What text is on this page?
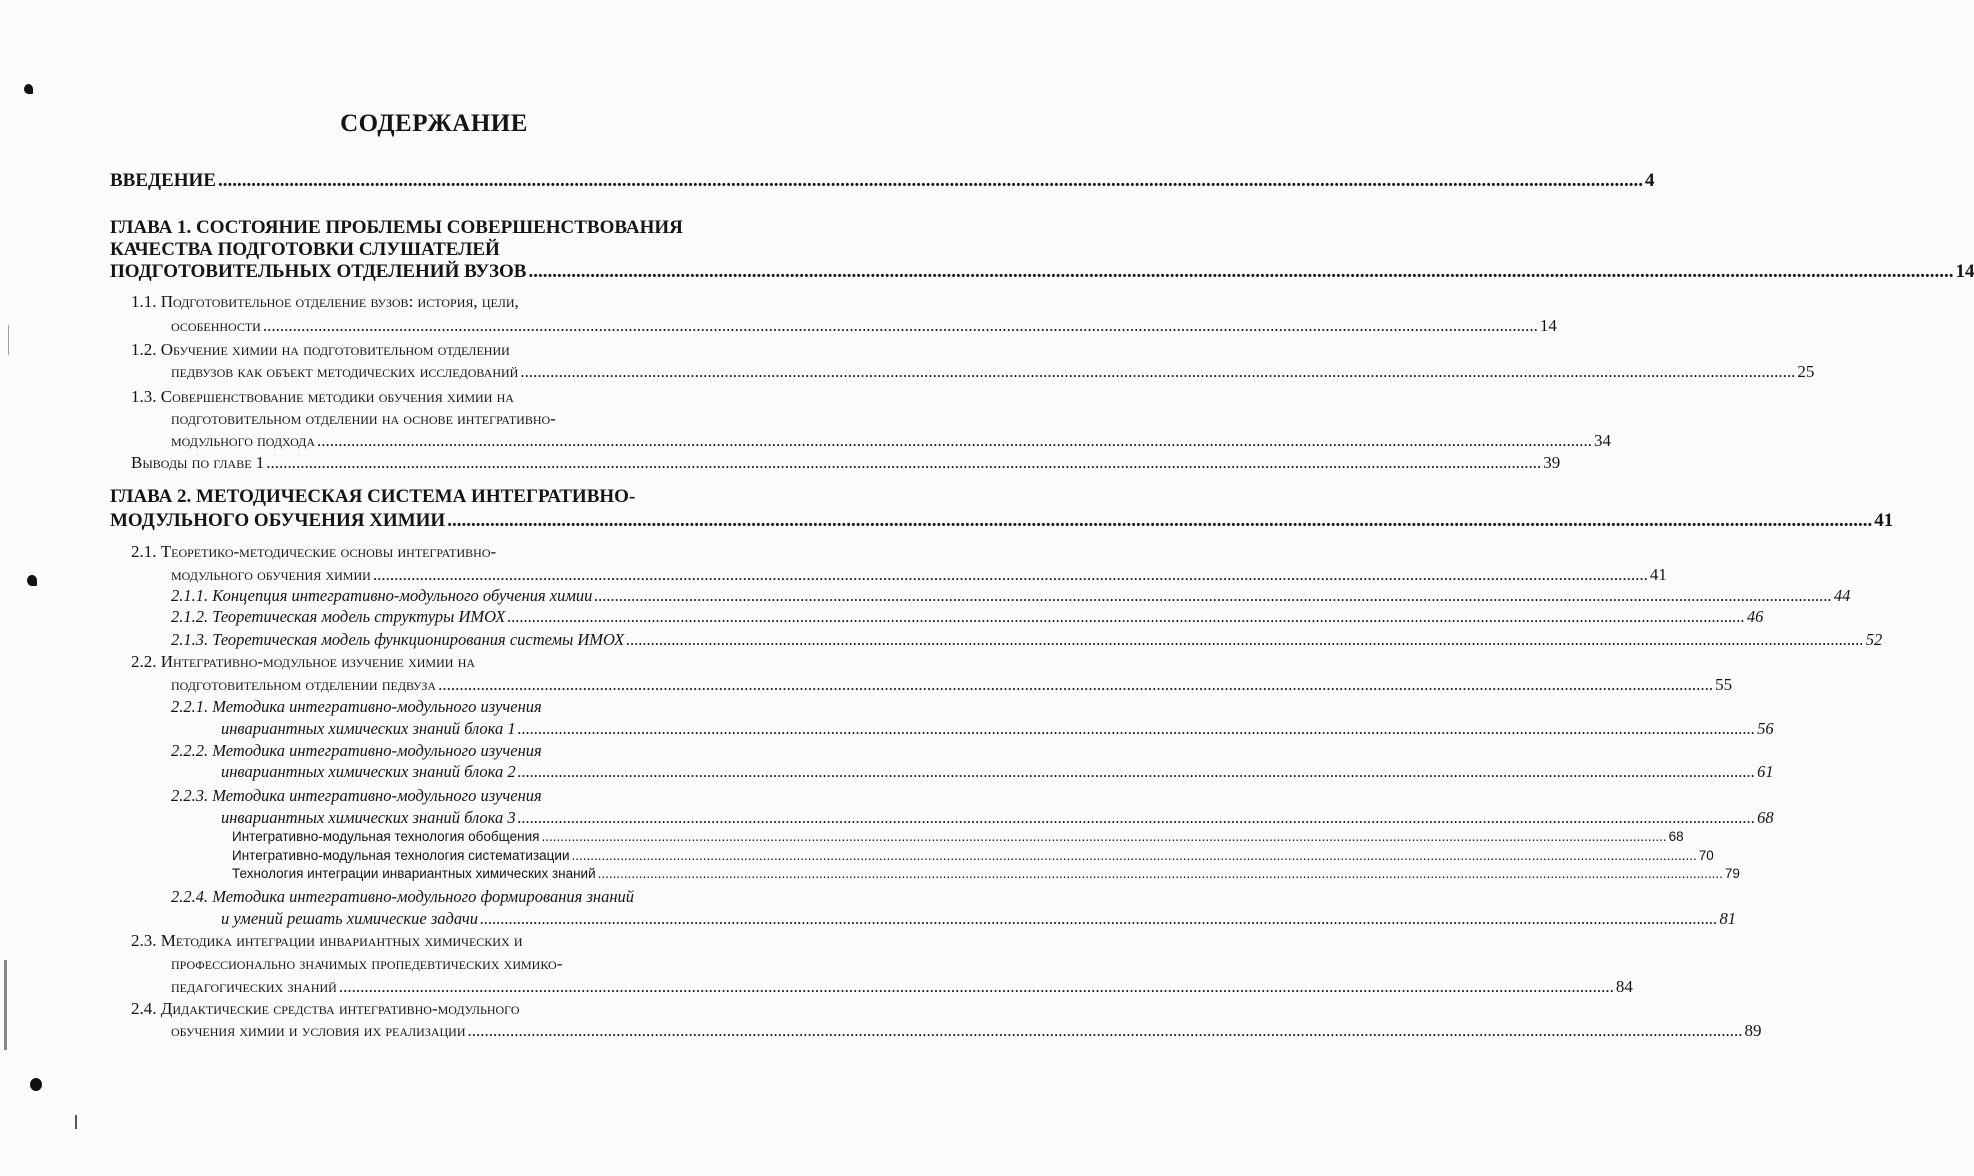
СОДЕРЖАНИЕ
ВВЕДЕНИЕ ............................................................................................................................................................................................................................................................................................................ 4
ГЛАВА 1. СОСТОЯНИЕ ПРОБЛЕМЫ СОВЕРШЕНСТВОВАНИЯ
КАЧЕСТВА ПОДГОТОВКИ СЛУШАТЕЛЕЙ
ПОДГОТОВИТЕЛЬНЫХ ОТДЕЛЕНИЙ ВУЗОВ ............................................................................................................................................................................................................................................................................................................ 14
1.1. Подготовительное отделение вузов: история, цели,
особенности ............................................................................................................................................................................................................................................................................................................ 14
1.2. Обучение химии на подготовительном отделении
педвузов как объект методических исследований ............................................................................................................................................................................................................................................................................................................ 25
1.3. Совершенствование методики обучения химии на
подготовительном отделении на основе интегративно-
модульного подхода ............................................................................................................................................................................................................................................................................................................ 34
Выводы по главе 1 ............................................................................................................................................................................................................................................................................................................ 39
ГЛАВА 2. МЕТОДИЧЕСКАЯ СИСТЕМА ИНТЕГРАТИВНО-
МОДУЛЬНОГО ОБУЧЕНИЯ ХИМИИ ............................................................................................................................................................................................................................................................................................................ 41
2.1. Теоретико-методические основы интегративно-
модульного обучения химии ............................................................................................................................................................................................................................................................................................................ 41
2.1.1. Концепция интегративно-модульного обучения химии ............................................................................................................................................................................................................................................................................................................ 44
2.1.2. Теоретическая модель структуры ИМОХ ............................................................................................................................................................................................................................................................................................................ 46
2.1.3. Теоретическая модель функционирования системы ИМОХ ............................................................................................................................................................................................................................................................................................................ 52
2.2. Интегративно-модульное изучение химии на
подготовительном отделении педвуза ............................................................................................................................................................................................................................................................................................................ 55
2.2.1. Методика интегративно-модульного изучения
инвариантных химических знаний блока 1 ............................................................................................................................................................................................................................................................................................................ 56
2.2.2. Методика интегративно-модульного изучения
инвариантных химических знаний блока 2 ............................................................................................................................................................................................................................................................................................................ 61
2.2.3. Методика интегративно-модульного изучения
инвариантных химических знаний блока 3 ............................................................................................................................................................................................................................................................................................................ 68
Интегративно-модульная технология обобщения ............................................................................................................................................................................................................................................................................................................ 68
Интегративно-модульная технология систематизации ............................................................................................................................................................................................................................................................................................................ 70
Технология интеграции инвариантных химических знаний ............................................................................................................................................................................................................................................................................................................ 79
2.2.4. Методика интегративно-модульного формирования знаний
и умений решать химические задачи ............................................................................................................................................................................................................................................................................................................ 81
2.3. Методика интеграции инвариантных химических и
профессионально значимых пропедевтических химико-
педагогических знаний ............................................................................................................................................................................................................................................................................................................ 84
2.4. Дидактические средства интегративно-модульного
обучения химии и условия их реализации ............................................................................................................................................................................................................................................................................................................ 89
